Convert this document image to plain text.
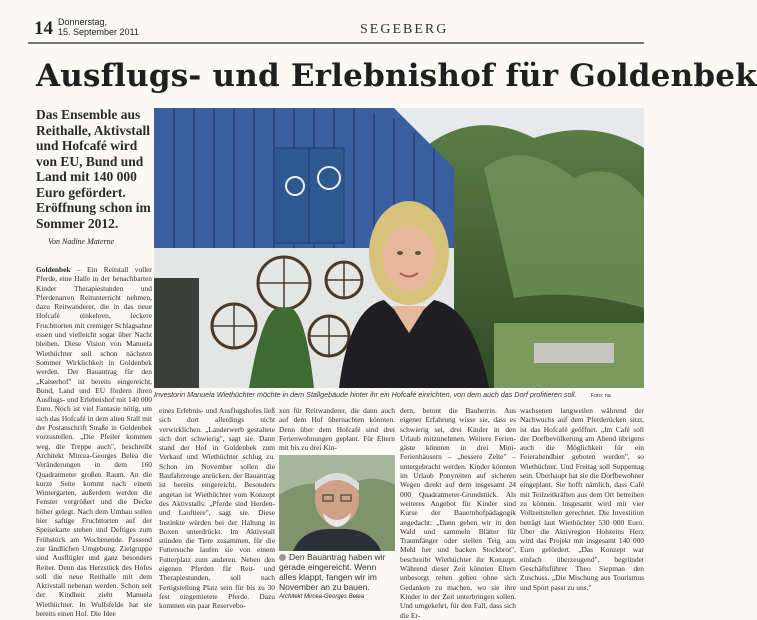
14 Donnerstag,
15. September 2011	SEGEBERG
Ausflugs- und Erlebnishof für Goldenbek
Das Ensemble aus Reithalle, Aktivstall und Hofcafé wird von EU, Bund und Land mit 140 000 Euro gefördert. Eröffnung schon im Sommer 2012.
Von Nadine Materne
Investorin Manuela Wiethüchter möchte in dem Stallgebäude hinter ihr ein Hofcafé einrichten, von dem auch das Dorf profitieren soll.	Foto: na
Goldenbek – Ein Reitstall voller Pferde, eine Halle in der benachbarten Kinder Therapiestunden und Pferdenarren Reitunterricht nehmen, dazu Reitwanderer, die in das neue Hofcafé einkehren, leckere Fruchttorten mit cremiger Schlagsahne essen und vielleicht sogar über Nacht bleiben. Diese Vision von Manuela Wiethüchter soll schon nächsten Sommer Wirklichkeit in Goldenbek werden. Der Bauantrag für den „Kaiserhof" ist bereits eingereicht, Bund, Land und EU fördern ihren Ausflugs- und Erlebnishof mit 140 000 Euro. Noch ist viel Fantasie nötig, um sich das Hofcafé in dem alten Stall mit der Postanschrift Straße in Goldenbek vorzustellen. „Die Pfeiler kommen weg, die Treppe auch", beschreibt Architekt Mircea-Georges Belea die Veränderungen in dem 160 Quadratmeter großen Raum. An die kurze Seite kommt nach einem Wintergarten, außerdem werden die Fenster vergrößert und die Decke höher gelegt. Nach dem Umbau sollen hier saftige Fruchttorten auf der Speisekarte stehen und Deftiges zum Frühstück am Wochenende. Passend zur ländlichen Umgebung. Zielgruppe sind Ausflügler und ganz besonders Reiter. Denn das Herzstück des Hofes soll die neue Reithalle mit dem Aktivstall nebenan werden. Schon seit der Kindheit zieht Manuela Wiethüchter. In Wulfsfelde hat sie bereits einen Hof. Die Idee
eines Erlebnis- und Ausflugshofes ließ sich dort allerdings nicht verwirklichen. „Landerwerb gestaltete sich dort schwierig", sagt sie. Dann stand der Hof in Goldenbek zum Verkauf und Wiethüchter schlug zu. Schon im November sollen die Baufahrzeuge anrücken, der Bauantrag ist bereits eingereicht. Besonders angetan ist Wiethüchter vom Konzept des Aktivstalls: „Pferde sind Herden- und Lauftiere", sagt sie. Diese Instinkte würden bei der Haltung in Boxen unterdrückt. Im Aktivstall stünden die Tiere zusammen, für die Futtersuche laufen sie von einem Futterplatz zum anderen. Neben den eigenen Pferden für Reit- und Therapiestunden, soll nach Fertigstellung Platz sein für bis zu 30 fest eingemietete Pferde. Dazu kommen ein paar Reservebo-
xen für Reitwanderer, die dann auch auf dem Hof übernachten könnten. Denn über dem Hofcafé sind drei Ferienwohnungen geplant. Für Eltern mit bis zu drei Kin-
Den Bauantrag haben wir gerade eingereicht. Wenn alles klappt, fangen wir im November an zu bauen.
Architekt Mircea-Georges Belea
dern, betont die Bauherrin. Aus eigener Erfahrung wisse sie, dass es schwierig sei, drei Kinder in den Urlaub mitzunehmen. Weitere Ferien-gäste könnten in drei Mini-Ferienhäusern – „bessere Zelte" – untergebracht werden. Kinder könnten im Urlaub Ponyreiten auf sicheren Wegen direkt auf dem insgesamt 24 000 Quadratmeter-Grundstück. Als weiteres Angebot für Kinder sind Kurse der Bauernhofpädagogik angedacht: „Dann gehen wir in den Wald und sammeln Blätter für Traumfänger oder stellen Teig aus Mehl her und backen Stockbrot", beschreibt Wiethüchter ihr Konzept. Während dieser Zeit könnten Eltern unbesorgt reiten gehen ohne sich Gedanken zu machen, wo sie ihre Kinder in der Zeit unterbringen sollen. Und umgekehrt, für den Fall, dass sich die Er-
wachsenen langweilen während der Nachwuchs auf dem Pferderücken sitzt, ist das Hofcafé geöffnet. „Im Café soll der Dorfbevölkerung am Abend übrigens auch die Möglichkeit für ein Feierabendbier geboten werden", so Wiethüchter. Und Freitag soll Suppentag sein. Überhaupt hat sie die Dorfbewohner eingeplant. Sie hofft nämlich, dass Café mit Teilzeitkräften aus dem Ort betreiben zu können. Insgesamt wird mit vier Vollzeitstellen gerechnet. Die Investition beträgt laut Wiethüchter 530 000 Euro. Über die Aktivregion Holsteins Herz wird das Projekt mit insgesamt 140 000 Euro gefördert. „Das Konzept war einfach überzeugend", begründet Geschäftsführer Theo Siepman den Zuschuss. „Die Mischung aus Tourismus und Sport passt zu uns."
